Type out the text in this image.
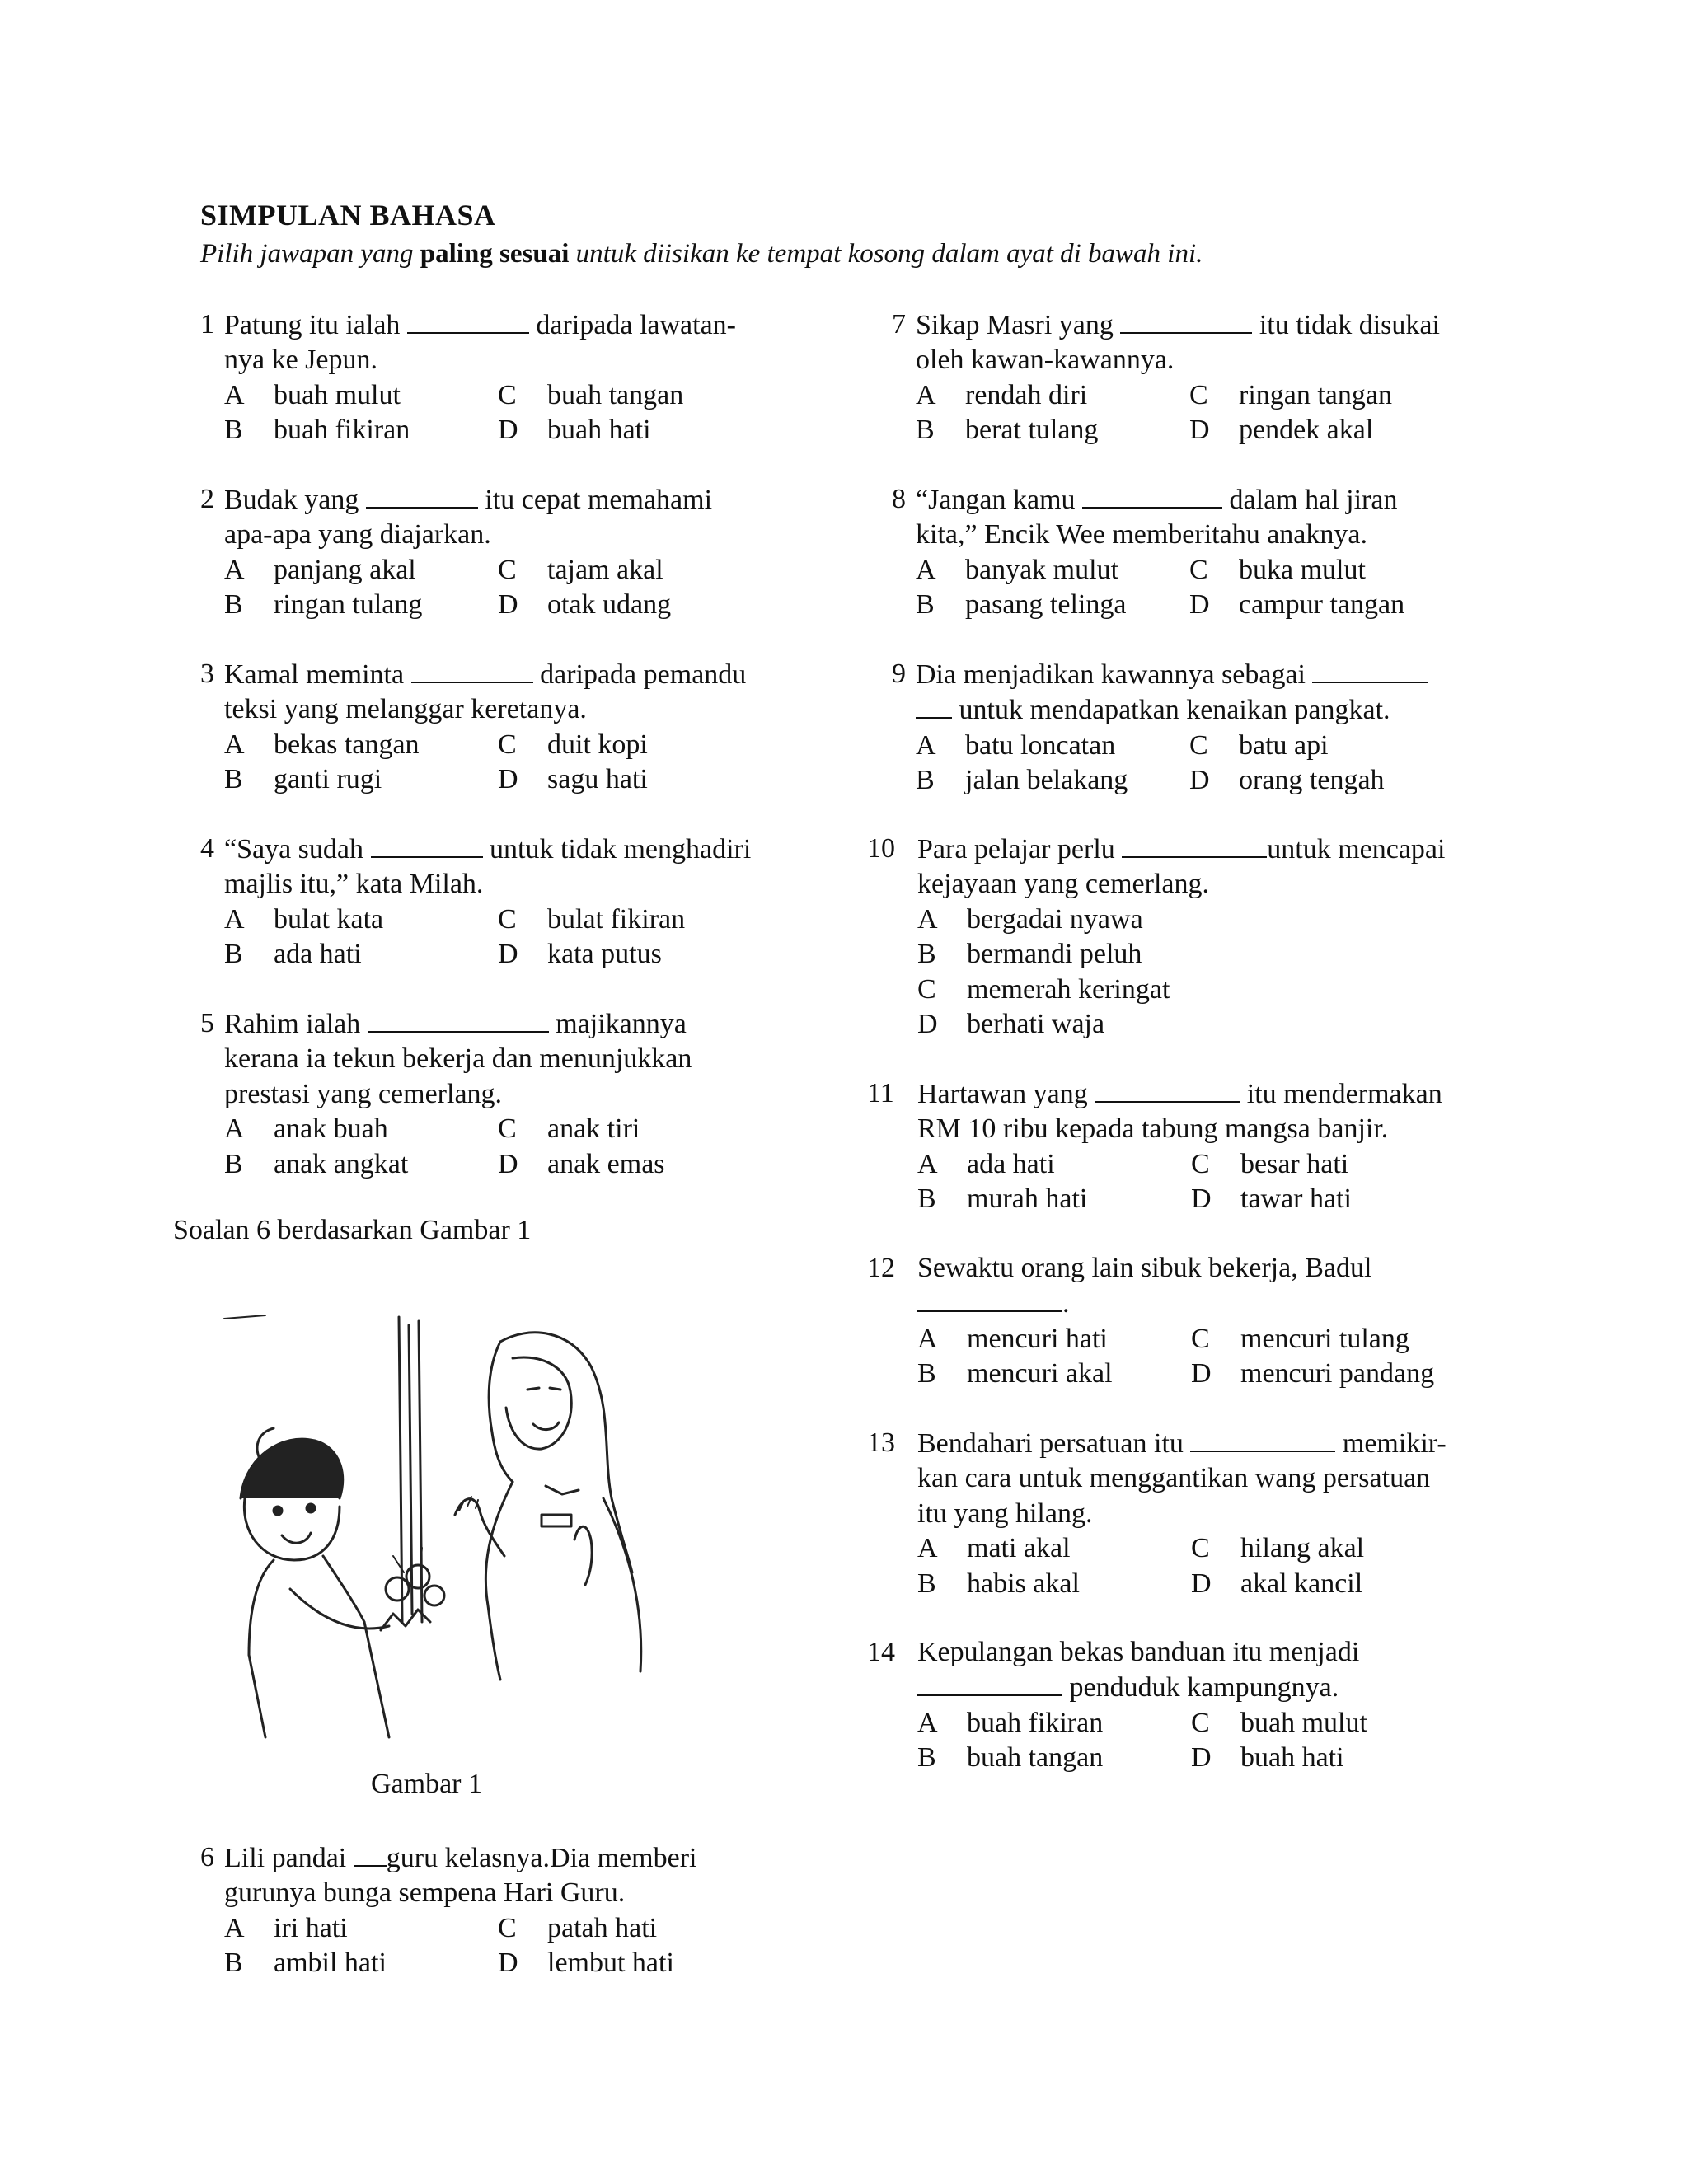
SIMPULAN BAHASA
Pilih jawapan yang paling sesuai untuk diisikan ke tempat kosong dalam ayat di bawah ini.
1 Patung itu ialah	daripada lawatan-
nya ke Jepun.
A	buah mulut	C	buah tangan
B	buah fikiran	D	buah hati
2 Budak yang	itu cepat memahami
apa-apa yang diajarkan.
A	panjang akal	C	tajam akal
B	ringan tulang	D	otak udang
3 Kamal meminta	daripada pemandu
teksi yang melanggar keretanya.
A	bekas tangan	C	duit kopi
B	ganti rugi	D	sagu hati
4 “Saya sudah	untuk tidak menghadiri
majlis itu,” kata Milah.
A	bulat kata	C	bulat fikiran
B	ada hati	D	kata putus
5 Rahim ialah	majikannya
kerana ia tekun bekerja dan menunjukkan
prestasi yang cemerlang.
A	anak buah	C	anak tiri
B	anak angkat	D	anak emas
Soalan 6 berdasarkan Gambar 1
Gambar 1
6 Lili pandai guru kelasnya.Dia memberi
gurunya bunga sempena Hari Guru.
A	iri hati	C	patah hati
B	ambil hati	D	lembut hati
7 Sikap Masri yang	itu tidak disukai
oleh kawan-kawannya.
A	rendah diri	C	ringan tangan
B	berat tulang	D	pendek akal
8 “Jangan kamu	dalam hal jiran
kita,” Encik Wee memberitahu anaknya.
A	banyak mulut	C	buka mulut
B	pasang telinga	D	campur tangan
9 Dia menjadikan kawannya sebagai
untuk mendapatkan kenaikan pangkat.
A	batu loncatan	C	batu api
B	jalan belakang	D	orang tengah
10 Para pelajar perlu	untuk mencapai
kejayaan yang cemerlang.
A	bergadai nyawa
B	bermandi peluh
C	memerah keringat
D	berhati waja
11 Hartawan yang	itu mendermakan
RM 10 ribu kepada tabung mangsa banjir.
A	ada hati	C	besar hati
B	murah hati	D	tawar hati
12 Sewaktu orang lain sibuk bekerja, Badul
.
A	mencuri hati	C	mencuri tulang
B	mencuri akal	D	mencuri pandang
13 Bendahari persatuan itu	memikir-
kan cara untuk menggantikan wang persatuan
itu yang hilang.
A	mati akal	C	hilang akal
B	habis akal	D	akal kancil
14 Kepulangan bekas banduan itu menjadi
penduduk kampungnya.
A	buah fikiran	C	buah mulut
B	buah tangan	D	buah hati
